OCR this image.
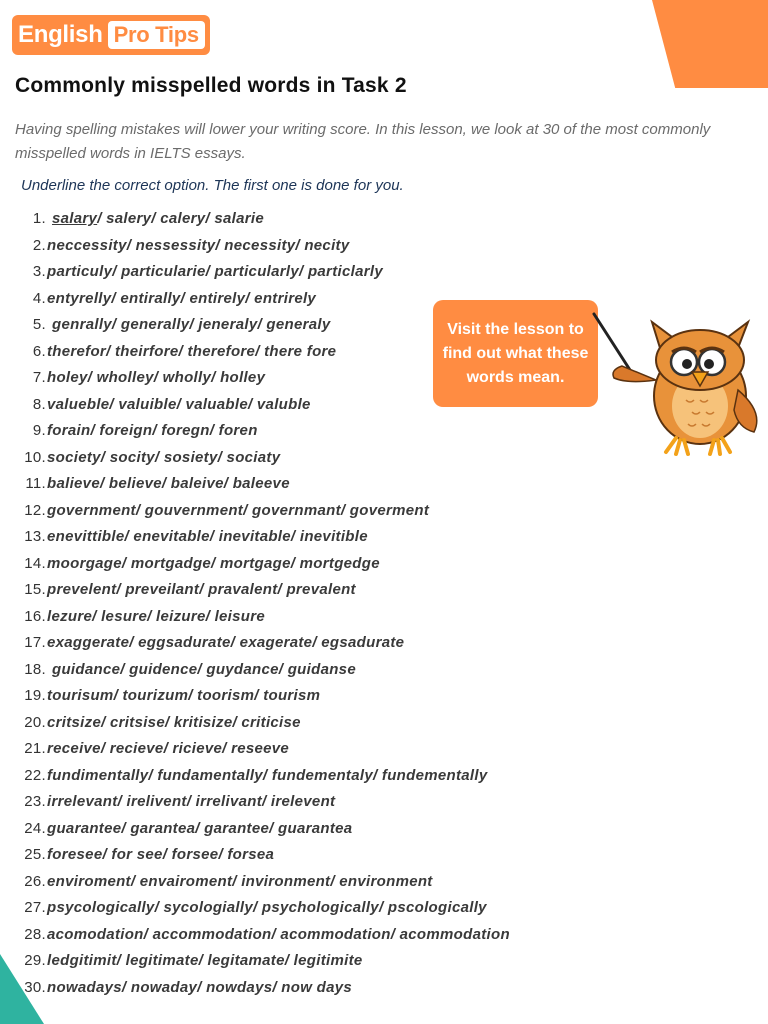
English Pro Tips
Commonly misspelled words in Task 2

Having spelling mistakes will lower your writing score. In this lesson, we look at 30 of the most commonly misspelled words in IELTS essays.

Underline the correct option. The first one is done for you.

1. salary/ salery/ calery/ salarie
2. neccessity/ nessessity/ necessity/ necity
3. particuly/ particularie/ particularly/ particlarly
4. entyrelly/ entirally/ entirely/ entrirely
5. genrally/ generally/ jeneraly/ generaly
6. therefor/ theirfore/ therefore/ there fore
7. holey/ wholley/ wholly/ holley
8. valueble/ valuible/ valuable/ valuble
9. forain/ foreign/ foregn/ foren
10. society/ socity/ sosiety/ sociaty
11. balieve/ believe/ baleive/ baleeve
12. government/ gouvernment/ governmant/ goverment
13. enevittible/ enevitable/ inevitable/ inevitible
14. moorgage/ mortgadge/ mortgage/ mortgedge
15. prevelent/ preveilant/ pravalent/ prevalent
16. lezure/ lesure/ leizure/ leisure
17. exaggerate/ eggsadurate/ exagerate/ egsadurate
18. guidance/ guidence/ guydance/ guidanse
19. tourisum/ tourizum/ toorism/ tourism
20. critsize/ critsise/ kritisize/ criticise
21. receive/ recieve/ ricieve/ reseeve
22. fundimentally/ fundamentally/ fundementaly/ fundementally
23. irrelevant/ irelivent/ irrelivant/ irelevent
24. guarantee/ garantea/ garantee/ guarantea
25. foresee/ for see/ forsee/ forsea
26. enviroment/ envairoment/ invironment/ environment
27. psycologically/ sycologially/ psychologically/ pscologically
28. acomodation/ accommodation/ acommodation/ acommodation
29. ledgitimit/ legitimate/ legitamate/ legitimite
30. nowadays/ nowaday/ nowdays/ now days
Visit the lesson to find out what these words mean.
